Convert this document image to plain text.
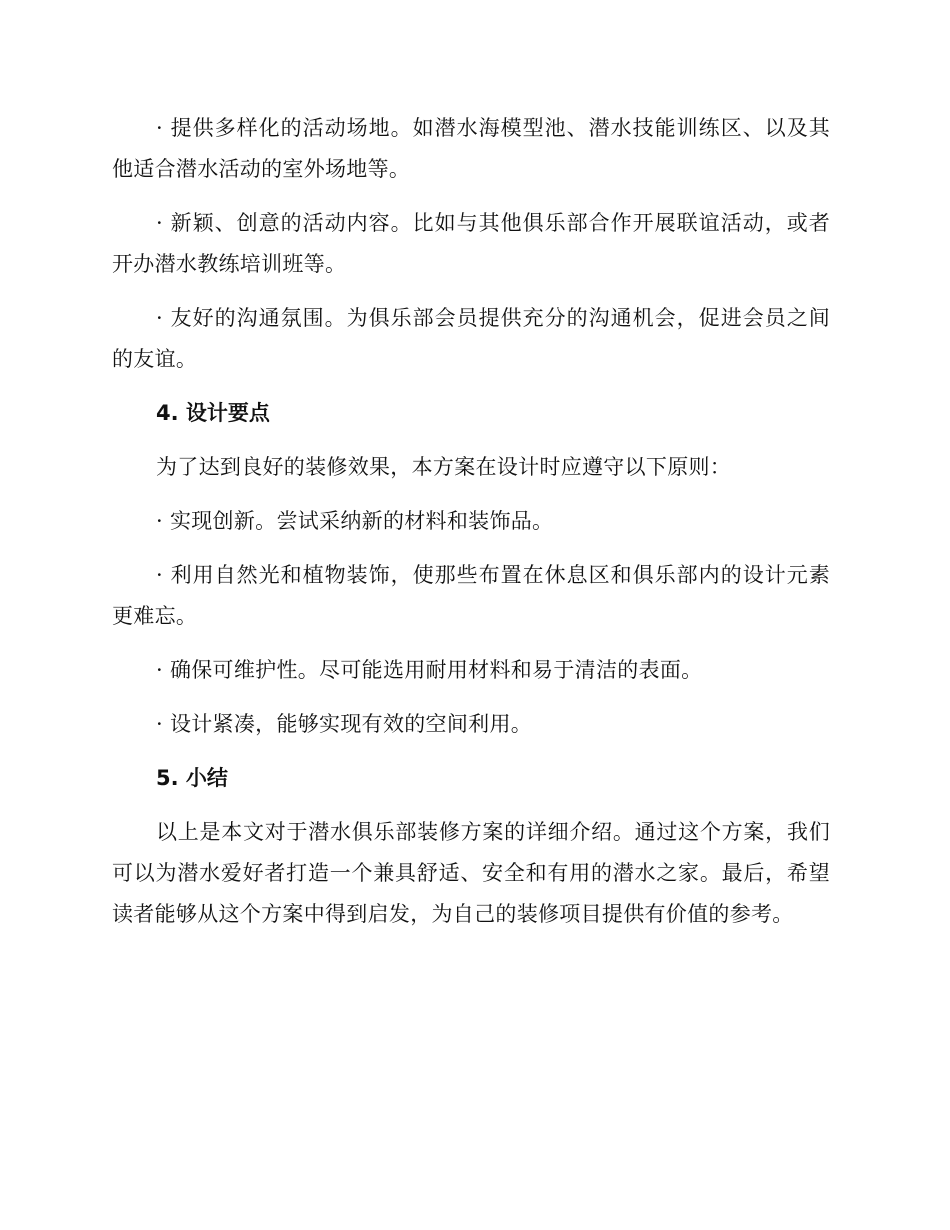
· 提供多样化的活动场地。如潜水海模型池、潜水技能训练区、以及其他适合潜水活动的室外场地等。

· 新颖、创意的活动内容。比如与其他俱乐部合作开展联谊活动，或者开办潜水教练培训班等。

· 友好的沟通氛围。为俱乐部会员提供充分的沟通机会，促进会员之间的友谊。

4. 设计要点

为了达到良好的装修效果，本方案在设计时应遵守以下原则：

· 实现创新。尝试采纳新的材料和装饰品。

· 利用自然光和植物装饰，使那些布置在休息区和俱乐部内的设计元素更难忘。

· 确保可维护性。尽可能选用耐用材料和易于清洁的表面。

· 设计紧凑，能够实现有效的空间利用。

5. 小结

以上是本文对于潜水俱乐部装修方案的详细介绍。通过这个方案，我们可以为潜水爱好者打造一个兼具舒适、安全和有用的潜水之家。最后，希望读者能够从这个方案中得到启发，为自己的装修项目提供有价值的参考。
